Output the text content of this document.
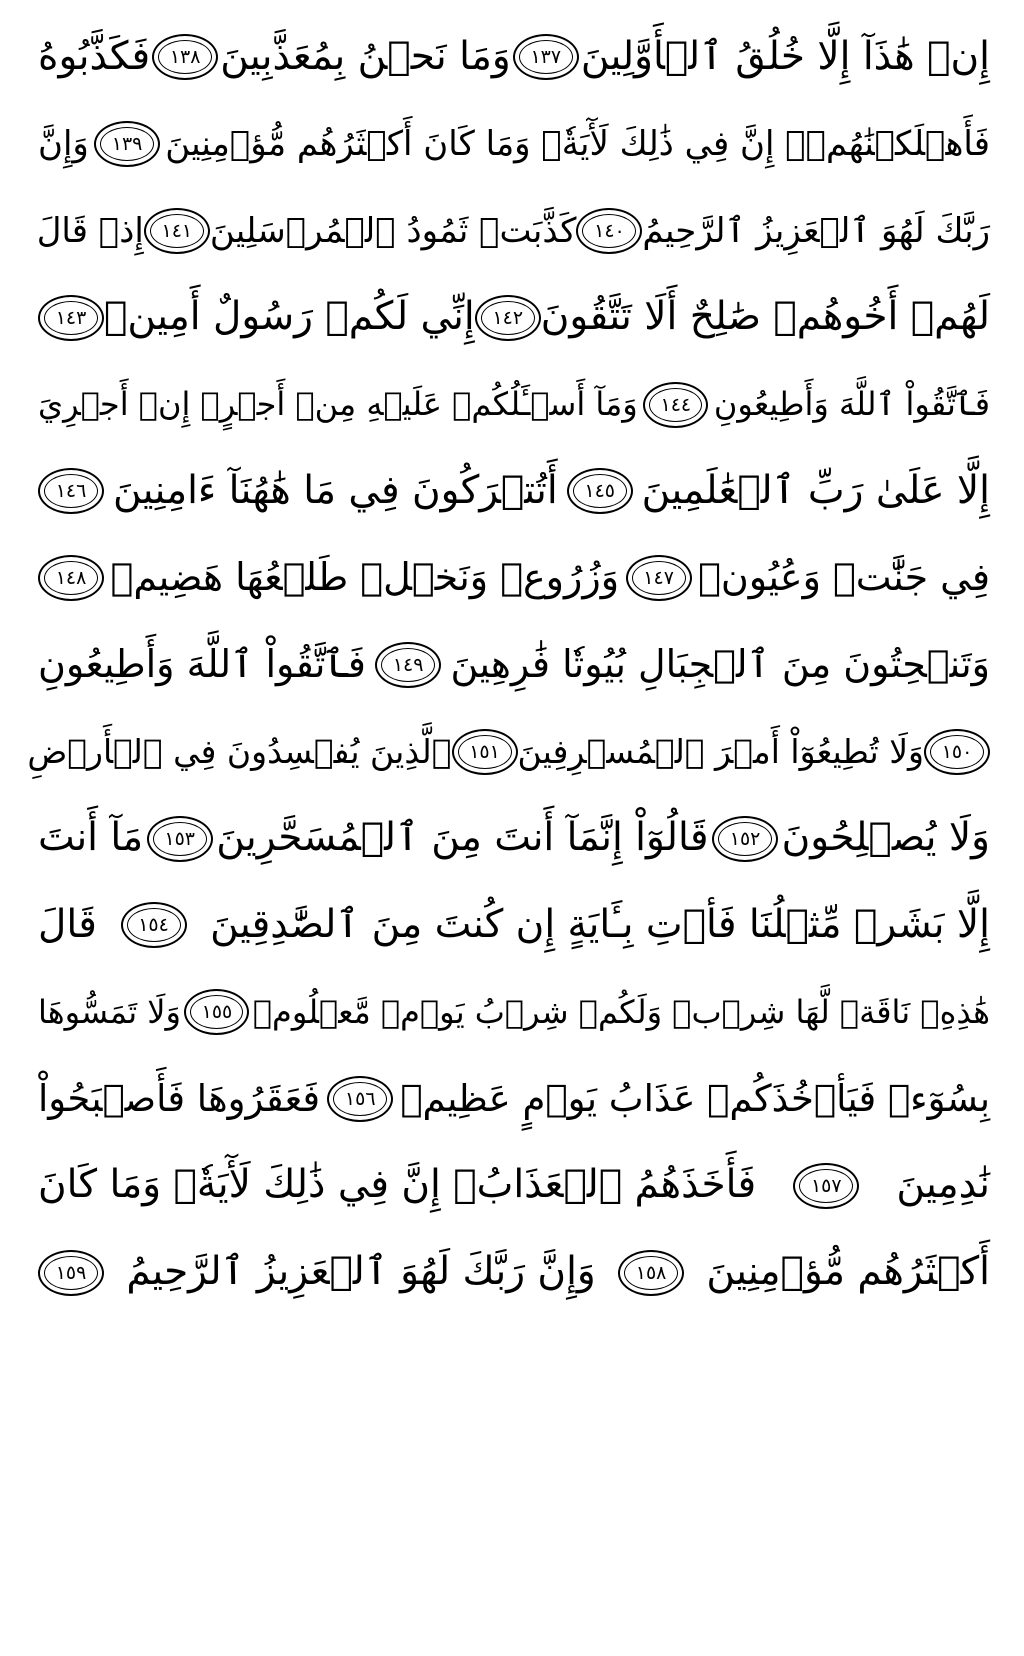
إِنۡ هَٰذَآ إِلَّا خُلُقُ ٱلۡأَوَّلِينَ
١٣٧
وَمَا نَحۡنُ بِمُعَذَّبِينَ
١٣٨
فَكَذَّبُوهُ
فَأَهۡلَكۡنَٰهُمۡۚ إِنَّ فِي ذَٰلِكَ لَأٓيَةٗۖ وَمَا كَانَ أَكۡثَرُهُم مُّؤۡمِنِينَ
١٣٩
وَإِنَّ
رَبَّكَ لَهُوَ ٱلۡعَزِيزُ ٱلرَّحِيمُ
١٤٠
كَذَّبَتۡ ثَمُودُ ٱلۡمُرۡسَلِينَ
١٤١
إِذۡ قَالَ
لَهُمۡ أَخُوهُمۡ صَٰلِحٌ أَلَا تَتَّقُونَ
١٤٢
إِنِّي لَكُمۡ رَسُولٌ أَمِينٞ
١٤٣
فَٱتَّقُواْ ٱللَّهَ وَأَطِيعُونِ
١٤٤
وَمَآ أَسۡـَٔلُكُمۡ عَلَيۡهِ مِنۡ أَجۡرٍۖ إِنۡ أَجۡرِيَ
إِلَّا عَلَىٰ رَبِّ ٱلۡعَٰلَمِينَ
١٤٥
أَتُتۡرَكُونَ فِي مَا هَٰهُنَآ ءَامِنِينَ
١٤٦
فِي جَنَّٰتٖ وَعُيُونٖ
١٤٧
وَزُرُوعٖ وَنَخۡلٖ طَلۡعُهَا هَضِيمٞ
١٤٨
وَتَنۡحِتُونَ مِنَ ٱلۡجِبَالِ بُيُوتٗا فَٰرِهِينَ
١٤٩
فَٱتَّقُواْ ٱللَّهَ وَأَطِيعُونِ
١٥٠
وَلَا تُطِيعُوٓاْ أَمۡرَ ٱلۡمُسۡرِفِينَ
١٥١
ٱلَّذِينَ يُفۡسِدُونَ فِي ٱلۡأَرۡضِ
وَلَا يُصۡلِحُونَ
١٥٢
قَالُوٓاْ إِنَّمَآ أَنتَ مِنَ ٱلۡمُسَحَّرِينَ
١٥٣
مَآ أَنتَ
إِلَّا بَشَرٞ مِّثۡلُنَا فَأۡتِ بِـَٔايَةٍ إِن كُنتَ مِنَ ٱلصَّٰدِقِينَ
١٥٤
قَالَ
هَٰذِهِۦ نَاقَةٞ لَّهَا شِرۡبٞ وَلَكُمۡ شِرۡبُ يَوۡمٖ مَّعۡلُومٖ
١٥٥
وَلَا تَمَسُّوهَا
بِسُوٓءٖ فَيَأۡخُذَكُمۡ عَذَابُ يَوۡمٍ عَظِيمٖ
١٥٦
فَعَقَرُوهَا فَأَصۡبَحُواْ
نَٰدِمِينَ
١٥٧
فَأَخَذَهُمُ ٱلۡعَذَابُۚ إِنَّ فِي ذَٰلِكَ لَأٓيَةٗۖ وَمَا كَانَ
أَكۡثَرُهُم مُّؤۡمِنِينَ
١٥٨
وَإِنَّ رَبَّكَ لَهُوَ ٱلۡعَزِيزُ ٱلرَّحِيمُ
١٥٩
